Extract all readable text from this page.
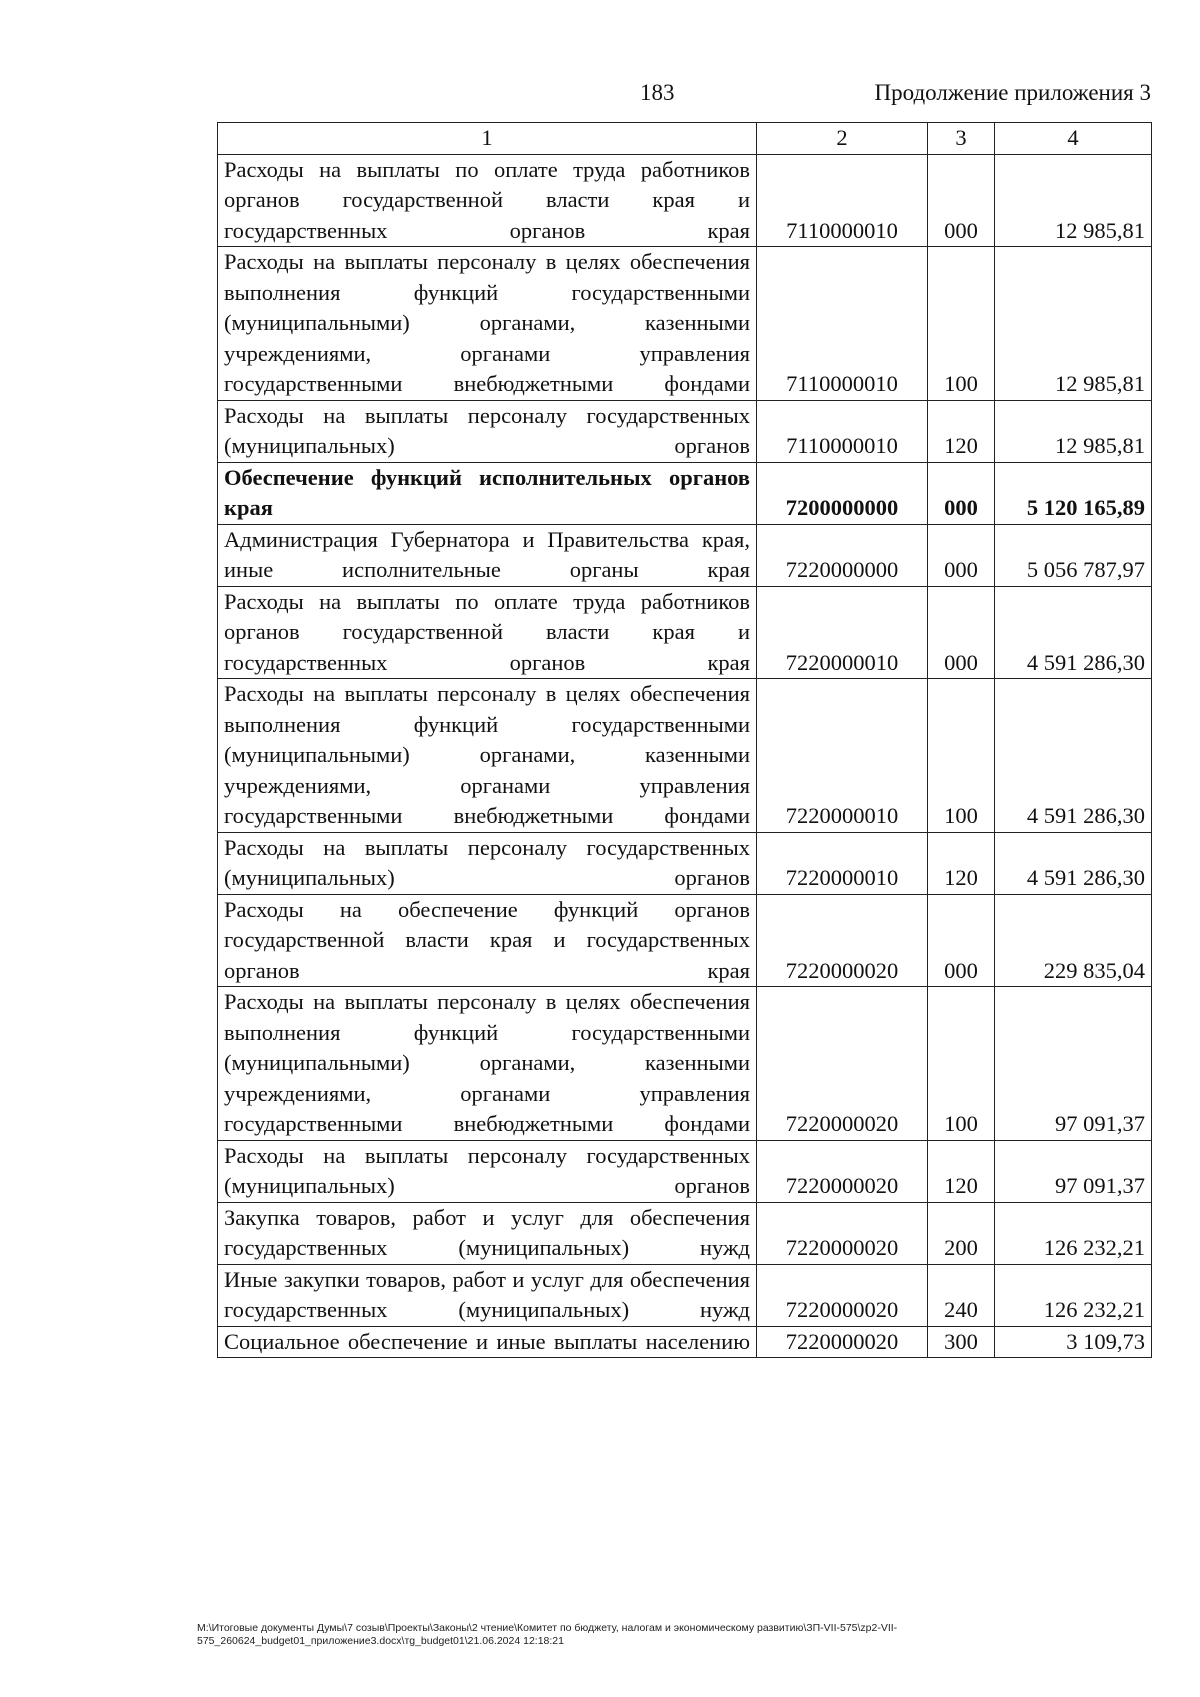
183	Продолжение приложения 3
1	2	3	4
Расходы на выплаты по оплате труда работников органов государственной власти края и государственных органов края	7110000010	000	12 985,81
Расходы на выплаты персоналу в целях обеспечения выполнения функций государственными (муниципальными) органами, казенными учреждениями, органами управления государственными внебюджетными фондами	7110000010	100	12 985,81
Расходы на выплаты персоналу государственных (муниципальных) органов	7110000010	120	12 985,81
Обеспечение функций исполнительных органов края	7200000000	000	5 120 165,89
Администрация Губернатора и Правительства края, иные исполнительные органы края	7220000000	000	5 056 787,97
Расходы на выплаты по оплате труда работников органов государственной власти края и государственных органов края	7220000010	000	4 591 286,30
Расходы на выплаты персоналу в целях обеспечения выполнения функций государственными (муниципальными) органами, казенными учреждениями, органами управления государственными внебюджетными фондами	7220000010	100	4 591 286,30
Расходы на выплаты персоналу государственных (муниципальных) органов	7220000010	120	4 591 286,30
Расходы на обеспечение функций органов государственной власти края и государственных органов края	7220000020	000	229 835,04
Расходы на выплаты персоналу в целях обеспечения выполнения функций государственными (муниципальными) органами, казенными учреждениями, органами управления государственными внебюджетными фондами	7220000020	100	97 091,37
Расходы на выплаты персоналу государственных (муниципальных) органов	7220000020	120	97 091,37
Закупка товаров, работ и услуг для обеспечения государственных (муниципальных) нужд	7220000020	200	126 232,21
Иные закупки товаров, работ и услуг для обеспечения государственных (муниципальных) нужд	7220000020	240	126 232,21
Социальное обеспечение и иные выплаты населению	7220000020	300	3 109,73
М:\Итоговые документы Думы\7 созыв\Проекты\Законы\2 чтение\Комитет по бюджету, налогам и экономическому развитию\ЗП-VII-575\zp2-VII-575_260624_budget01_приложение3.docx\тg_budget01\21.06.2024 12:18:21
